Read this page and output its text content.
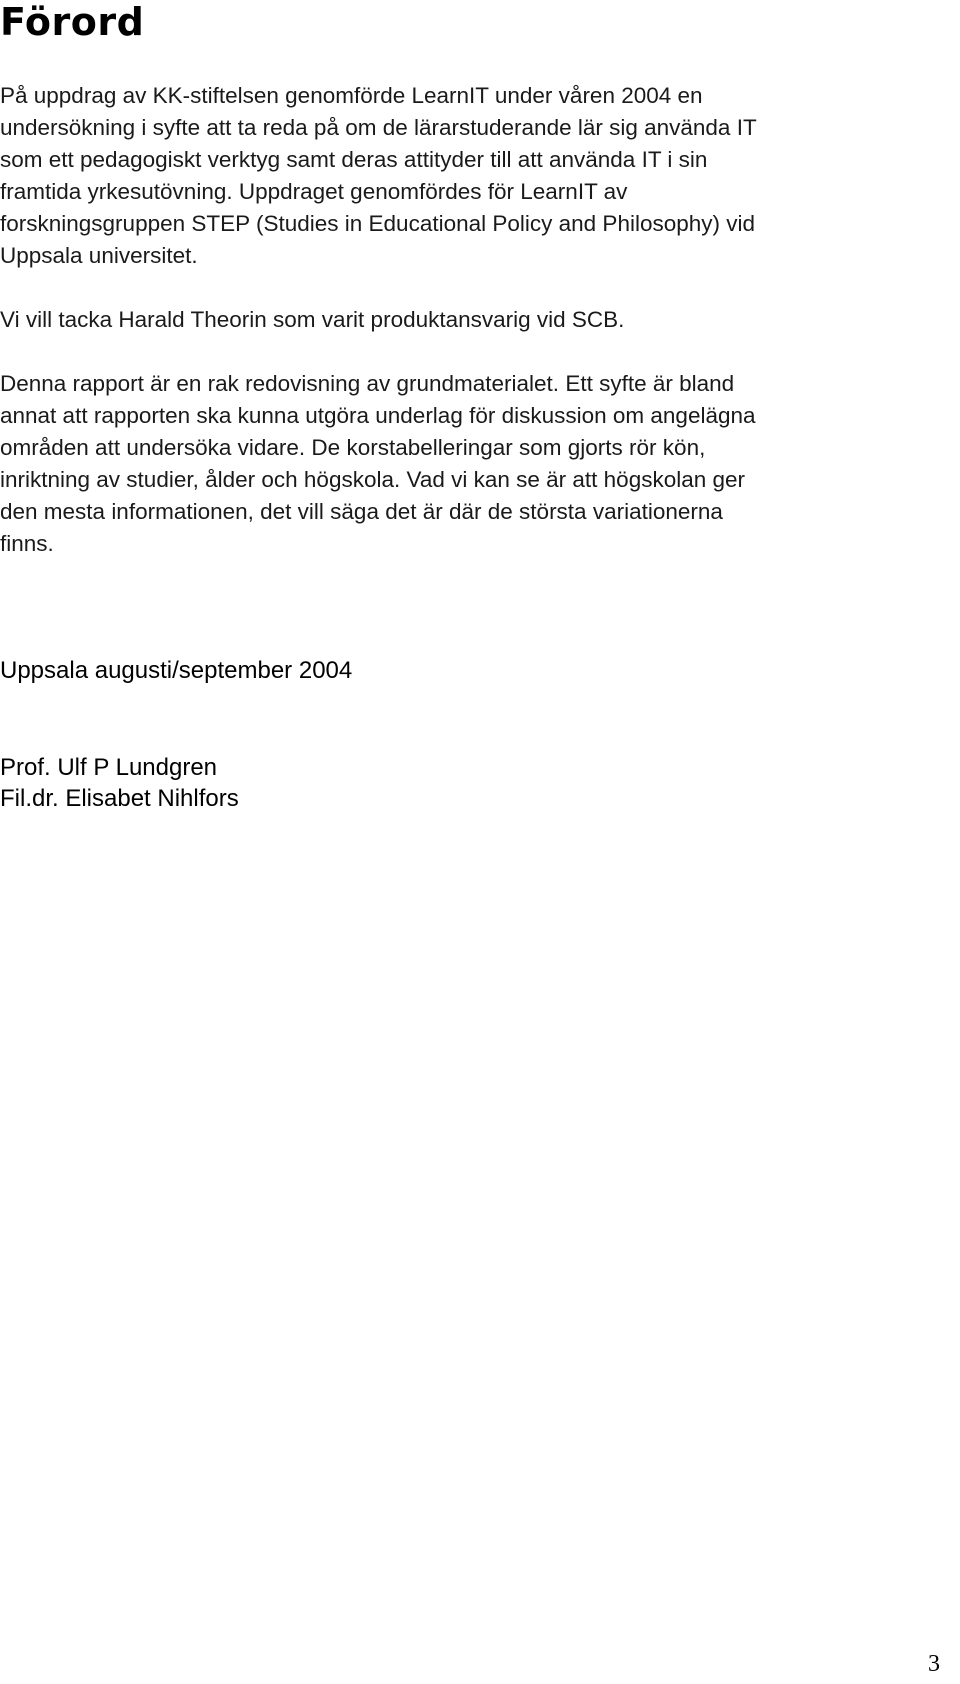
Förord

På uppdrag av KK-stiftelsen genomförde LearnIT under våren 2004 en
undersökning i syfte att ta reda på om de lärarstuderande lär sig använda IT
som ett pedagogiskt verktyg samt deras attityder till att använda IT i sin
framtida yrkesutövning. Uppdraget genomfördes för LearnIT av
forskningsgruppen STEP (Studies in Educational Policy and Philosophy) vid
Uppsala universitet.

Vi vill tacka Harald Theorin som varit produktansvarig vid SCB.

Denna rapport är en rak redovisning av grundmaterialet. Ett syfte är bland
annat att rapporten ska kunna utgöra underlag för diskussion om angelägna
områden att undersöka vidare. De korstabelleringar som gjorts rör kön,
inriktning av studier, ålder och högskola. Vad vi kan se är att högskolan ger
den mesta informationen, det vill säga det är där de största variationerna
finns.

Uppsala augusti/september 2004

Prof. Ulf P Lundgren
Fil.dr. Elisabet Nihlfors
3
